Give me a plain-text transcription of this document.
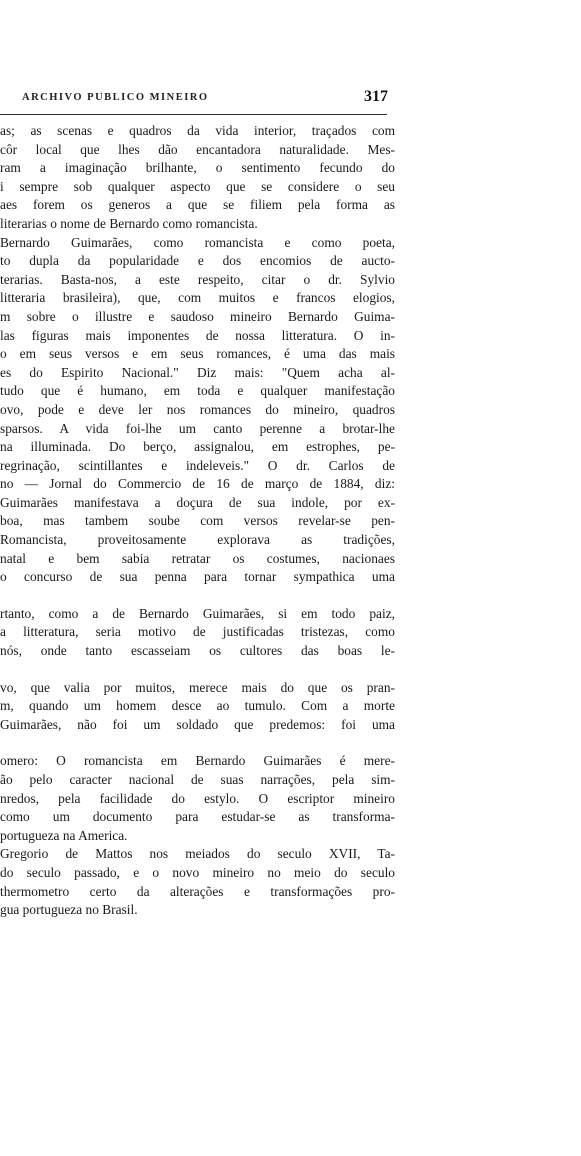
ARCHIVO PUBLICO MINEIRO	317
as; as scenas e quadros da vida interior, traçados com
côr local que lhes dão encantadora naturalidade. Mes-
ram a imaginação brilhante, o sentimento fecundo do
i sempre sob qualquer aspecto que se considere o seu
aes forem os generos a que se filiem pela forma as
literarias o nome de Bernardo como romancista.
Bernardo Guimarães, como romancista e como poeta,
to dupla da popularidade e dos encomios de aucto-
terarias. Basta-nos, a este respeito, citar o dr. Sylvio
litteraria brasileira), que, com muitos e francos elogios,
m sobre o illustre e saudoso mineiro Bernardo Guima-
las figuras mais imponentes de nossa litteratura. O in-
o em seus versos e em seus romances, é uma das mais
es do Espirito Nacional." Diz mais: "Quem acha al-
tudo que é humano, em toda e qualquer manifestação
ovo, pode e deve ler nos romances do mineiro, quadros
sparsos. A vida foi-lhe um canto perenne a brotar-lhe
na illuminada. Do berço, assignalou, em estrophes, pe-
regrinação, scintillantes e indeleveis." O dr. Carlos de
no — Jornal do Commercio de 16 de março de 1884, diz:
Guimarães manifestava a doçura de sua indole, por ex-
boa, mas tambem soube com versos revelar-se pen-
Romancista, proveitosamente explorava as tradições,
natal e bem sabia retratar os costumes, nacionaes
o concurso de sua penna para tornar sympathica uma
rtanto, como a de Bernardo Guimarães, si em todo paiz,
a litteratura, seria motivo de justificadas tristezas, como
nós, onde tanto escasseiam os cultores das boas le-
vo, que valia por muitos, merece mais do que os pran-
m, quando um homem desce ao tumulo. Com a morte
Guimarães, não foi um soldado que predemos: foi uma
omero: O romancista em Bernardo Guimarães é mere-
ão pelo caracter nacional de suas narrações, pela sim-
nredos, pela facilidade do estylo. O escriptor mineiro
como um documento para estudar-se as transforma-
portugueza na America.
Gregorio de Mattos nos meiados do seculo XVII, Ta-
do seculo passado, e o novo mineiro no meio do seculo
thermometro certo da alterações e transformações pro-
gua portugueza no Brasil.
